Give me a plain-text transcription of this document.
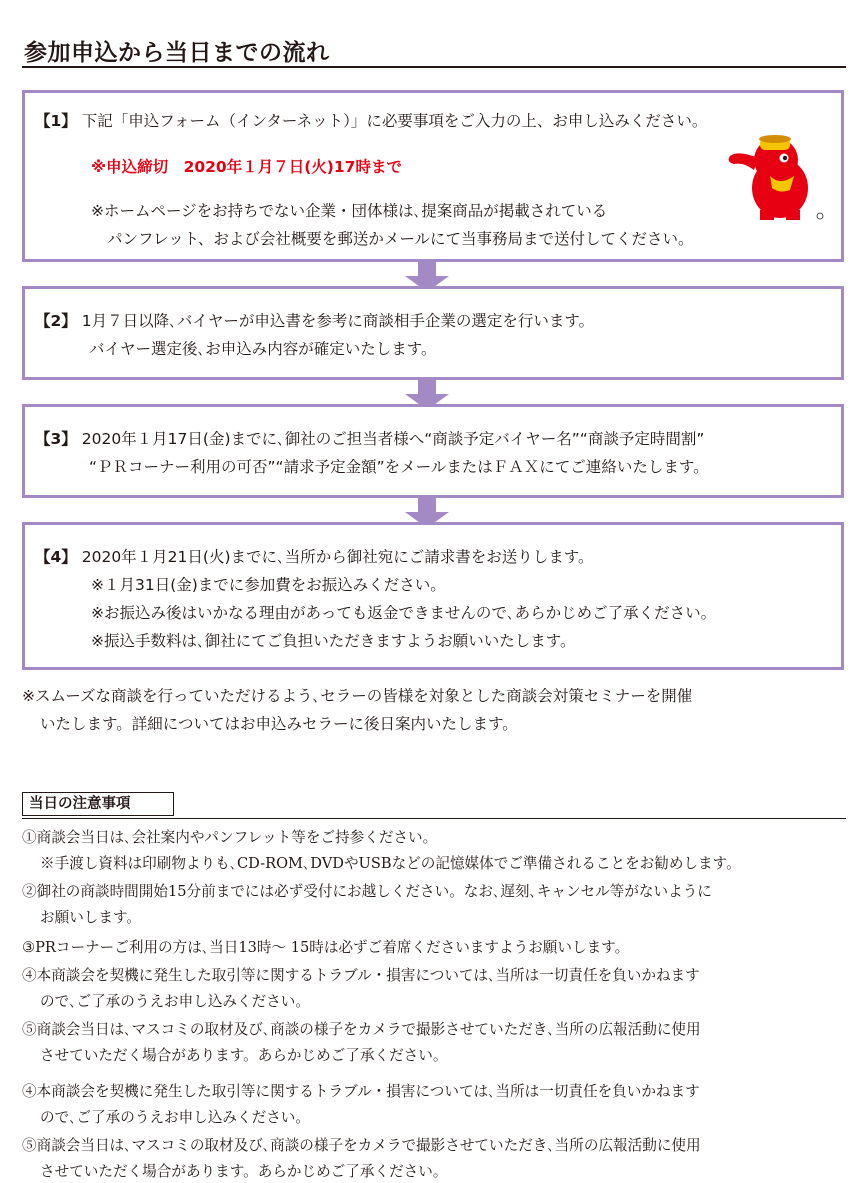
参加申込から当日までの流れ
【1】 下記「申込フォーム（インターネット）」に必要事項をご入力の上、お申し込みください。
※申込締切　2020年１月７日(火)17時まで
※ホームページをお持ちでない企業・団体様は､提案商品が掲載されている
パンフレット、および会社概要を郵送かメールにて当事務局まで送付してください。
【2】 1月７日以降､バイヤーが申込書を参考に商談相手企業の選定を行います。
バイヤー選定後､お申込み内容が確定いたします。
【3】 2020年１月17日(金)までに､御社のご担当者様へ“商談予定バイヤー名”“商談予定時間割”
“ＰＲコーナー利用の可否”“請求予定金額”をメールまたはＦＡＸにてご連絡いたします。
【4】 2020年１月21日(火)までに､当所から御社宛にご請求書をお送りします。
※１月31日(金)までに参加費をお振込みください。
※お振込み後はいかなる理由があっても返金できませんので､あらかじめご了承ください。
※振込手数料は､御社にてご負担いただきますようお願いいたします。
※スムーズな商談を行っていただけるよう､セラーの皆様を対象とした商談会対策セミナーを開催
いたします。詳細についてはお申込みセラーに後日案内いたします。
当日の注意事項
①商談会当日は､会社案内やパンフレット等をご持参ください。
※手渡し資料は印刷物よりも､CD-ROM､DVDやUSBなどの記憶媒体でご準備されることをお勧めします。
②御社の商談時間開始15分前までには必ず受付にお越しください。なお､遅刻､キャンセル等がないように
お願いします。
③PRコーナーご利用の方は､当日13時～ 15時は必ずご着席くださいますようお願いします。
④本商談会を契機に発生した取引等に関するトラブル・損害については､当所は一切責任を負いかねます
ので､ご了承のうえお申し込みください。
⑤商談会当日は､マスコミの取材及び､商談の様子をカメラで撮影させていただき､当所の広報活動に使用
させていただく場合があります。あらかじめご了承ください。
④本商談会を契機に発生した取引等に関するトラブル・損害については､当所は一切責任を負いかねます
ので､ご了承のうえお申し込みください。
⑤商談会当日は､マスコミの取材及び､商談の様子をカメラで撮影させていただき､当所の広報活動に使用
させていただく場合があります。あらかじめご了承ください。
